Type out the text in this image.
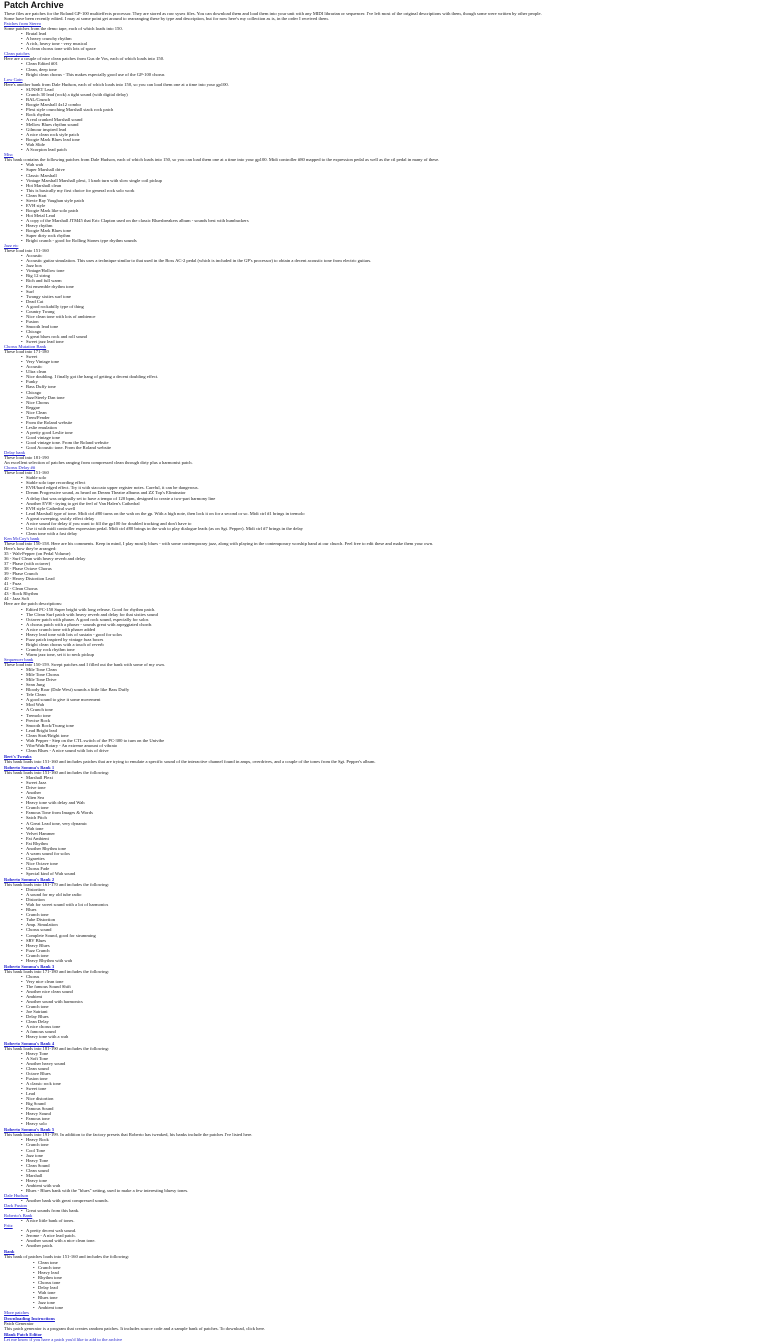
Patch Archive
These files are patches for the Roland GP-100 multieffects processor. They are stored as raw sysex files. You can download them and load them into your unit with any MIDI librarian or sequencer. I've left most of the original descriptions with them, though some were written by other people.
Some have been recently edited. I may at some point get around to rearranging these by type and description, but for now here's my collection as is, in the order I received them.
Patches from Stereo
Some patches from the demo tape, each of which loads into 150.
• Brutal lead
• A heavy crunchy rhythm
• A rich, heavy tone - very musical
• A clean chorus tone with lots of space
Clean patches
Here are a couple of nice clean patches from Gus de Vos, each of which loads into 150.
• Clean Edited #01
• Clean, deep tone
• Bright clean chorus - This makes especially good use of the GP-100 chorus
Low Gain
Here's another bank from Dale Hudson, each of which loads into 150, so you can load them one at a time into your gp100.
• SUNSET Lead
• Crunch 30 lead (rock) a tight sound (with digital delay)
• BAL/Crunch
• Boogie Marshall 4x12 combo
• Plexi style crunching Marshall stack rock patch
• Rock rhythm
• A real cranked Marshall sound
• Mellow Blues rhythm sound
• Gilmour inspired lead
• A nice clean rock style patch
• Boogie Mark Blues lead tone
• Wah Slide
• A Scorpion lead patch
Misc
This bank contains the following patches from Dale Hudson, each of which loads into 150, so you can load them one at a time into your gp100. Midi controller #80 mapped to the expression pedal as well as the ctl pedal in many of these.
• Wah wah
• Super Marshall drive
• Classic Marshall
• Vintage Marshall Marshall plexi, 1 knob turn with slow single coil pickup
• Hot Marshall clean
• This is basically my first choice for general rock solo work
• Clean Strat
• Stevie Ray Vaughan style patch
• EVH style
• Boogie Mark like solo patch
• Hot Metal Lead
• A copy of the Marshall JTM45 that Eric Clapton used on the classic Bluesbreakers album - sounds best with humbuckers
• Heavy rhythm
• Boogie Mark Blues tone
• Super dirty rock rhythm
• Bright crunch - good for Rolling Stones type rhythm sounds
Jazz etc
These load into 151-160
• Acoustic
• Acoustic guitar simulation. This uses a technique similar to that used in the Boss AC-2 pedal (which is included in the GP's processor) to obtain a decent acoustic tone from electric guitars.
• Jazz box
• Vintage/Hollow tone
• Big 12 string
• Rich and full warm
• Fat ensemble rhythm tone
• Surf
• Twangy sixties surf tone
• Dead Cat
• A good rockabilly type of thing
• Country Twang
• Nice clean tone with lots of ambience
• Fusion
• Smooth lead tone
• Chicago
• A great blues rock and roll sound
• Sweet jazz lead tone
Chorus Mutation Bank
These load into 171-180
• Sweet
• Very Vintage tone
• Acoustic
• Ultra clean
• Nice doubling. I finally got the hang of getting a decent doubling effect.
• Funky
• Bass Duffy tone
• Chicago
• Jazz/Steely Dan tone
• Nice Chorus
• Reggae
• Nice Clean
• Trem/Fender
• From the Roland website
• Leslie emulation
• A pretty good Leslie tone
• Good vintage tone
• Good vintage tone. From the Roland website
• Good Acoustic tone. From the Roland website
Delay bank
These load into 181-190
An excellent selection of patches ranging from compressed clean through dirty plus a harmonist patch.
Chorus Delay ##
These load into 151-160
• Stable solo
• Stable solo tape recording effect
• EVH/hard edged effect. Try it with staccato upper register notes. Careful, it can be dangerous.
• Dream Progressive sound, as heard on Dream Theatre albums and ZZ Top's Eliminator
• A delay that was originally set to have a tempo of 120 bpm, designed to create a two-part harmony line
• Another EVH - trying to get the feel of Van Halen's Cathedral
• EVH style Cathedral swell
• Lead Marshall type of tone. Midi ctrl #80 turns on the wah on the gp. With a high note, then lock it on for a second or so. Midi ctrl #1 brings in tremolo
• A great sweeping, swirly effect delay
• A nice sound for delay if you want to fill the gp100 for doubled tracking and don't have to
• Use it with midi controller expression pedal. Midi ctrl #80 brings in the wah to play dialogue leads (as on Sgt. Pepper). Midi ctrl #7 brings in the delay
• Clean tone with a fast delay
Ken McCoy's bank
These load into 150-158. Here are his comments. Keep in mind, I play mostly blues - with some contemporary jazz, along with playing in the contemporary worship band at our church. Feel free to edit these and make them your own.
Here's how they're arranged:
35 - Wah-Pepper (on Pedal Volume)
36 - Surf Clean with heavy reverb and delay
37 - Phase (with octaver)
38 - Phase Octave Chorus
39 - Phase Crunch
40 - Heavy Distortion Lead
41 - Fuzz
42 - Clean Chorus
43 - Rock Rhythm
44 - Jazz Soft
Here are the patch descriptions:
• Edited PC-150 Super bright with long release. Good for rhythm patch.
• The Clean Surf patch with heavy reverb and delay for that sixties sound
• Octaver patch with phaser. A good rock sound, especially for solos
• A chorus patch with a phaser - sounds great with arpeggiated chords
• A nice crunch tone with phaser added
• Heavy lead tone with lots of sustain - good for solos
• Fuzz patch inspired by vintage fuzz boxes
• Bright clean chorus with a touch of reverb
• Crunchy rock rhythm tone
• Warm jazz tone, set it to neck pickup
Sequencer bank
These load into 150-159. Swept patches and I filled out the bank with some of my own.
• Mile Tone Clean
• Mile Tone Chorus
• Mile Tone Drive
• Sean Jung
• Bloody Roar (Dale West) sounds a little like Bass Duffy
• Tele Clean
• A good sound to give it some movement
• Mod Wah
• A Crunch tone
• Tremolo tone
• Precise Rock
• Smooth Rock/Twang tone
• Lead Bright lead
• Clean Strat/Bright tone
• Wah Pepper - Step on the CTL switch of the PC-300 to turn on the Univibe
• Vibe/Wah/Rotary - An extreme amount of vibrato
• Clean Blues - A nice sound with lots of drive
Bert's Tweaks
This bank loads into 151-160 and includes patches that are trying to emulate a specific sound of the interactive channel found in amps, overdrives, and a couple of the tones from the Sgt. Pepper's album.
Roberto Somma's Bank 1
This bank loads into 151-160 and includes the following:
• Marshall Plexi
• Sweet Jazz
• Drive tone
• Another
• Alien Sea
• Heavy tone with delay and Wah
• Crunch tone
• Famous Tone from Images & Words
• Satch Pitch
• A Great Lead tone, very dynamic
• Wah tone
• Velvet Hammer
• Fat Ambient
• Fat Rhythm
• Another Rhythm tone
• A warm sound for solos
• Cigarettes
• Nice Octave tone
• Chorus Fade
• Special kind of Wah sound
Roberto Somma's Bank 2
This bank loads into 161-170 and includes the following:
• Distortion
• A sound for my old tube radio
• Distortion
• Wah for sweet sound with a lot of harmonics
• Blues
• Crunch tone
• Tube Distortion
• Amp. Simulation
• Chorus sound
• Complete Sound, good for strumming
• SRV Blues
• Heavy Blues
• Fuzz Crunch
• Crunch tone
• Heavy Rhythm with wah
Roberto Somma's Bank 3
This bank loads into 171-180 and includes the following:
• Chorus
• Very nice clean tone
• The famous Sound Shift
• Another nice clean sound
• Ambient
• Another sound with harmonics
• Crunch tone
• Joe Satriani
• Delay Blues
• Clean Delay
• A nice chorus tone
• A famous sound
• Heavy tone with a wah
Roberto Somma's Bank 4
This bank loads into 181-190 and includes the following:
• Heavy Tone
• A Soft Tone
• Another heavy sound
• Clean sound
• Octave Blues
• Fusion tone
• A classic rock tone
• Sweet tone
• Lead
• Nice distortion
• Big Sound
• Famous Sound
• Heavy Sound
• Famous tone
• Heavy solo
Roberto Somma's Bank 5
This bank loads into 191-199. In addition to the factory presets that Roberto has tweaked, his banks include the patches I've listed here.
• Heavy Rock
• Crunch tone
• Cool Tone
• Jazz tone
• Heavy Tone
• Clean Sound
• Clean sound
• Marshall
• Heavy tone
• Ambient with wah
• Blues - Blues bank with the "blues" setting, used to make a few interesting bluesy tones.
Dale Hudson
• Another bank with great compressed sounds.
Dark Fusion
• Great sounds from this bank.
Roberto's Bank
• A nice little bank of tones.
Fritz
• A pretty decent wah sound.
• Jerome - A nice lead patch.
• Another sound with a nice clean tone.
• Another patch.
Bank
This bank of patches loads into 151-160 and includes the following:
• Clean tone
• Crunch tone
• Heavy lead
• Rhythm tone
• Chorus tone
• Delay lead
• Wah tone
• Blues tone
• Jazz tone
• Ambient tone
More patches
Downloading Instructions
Patch Generator
This patch generator is a program that creates random patches. It includes source code and a sample bank of patches. To download, click here.
Blank Patch Editor
Let me know if you have a patch you'd like to add to the archive
